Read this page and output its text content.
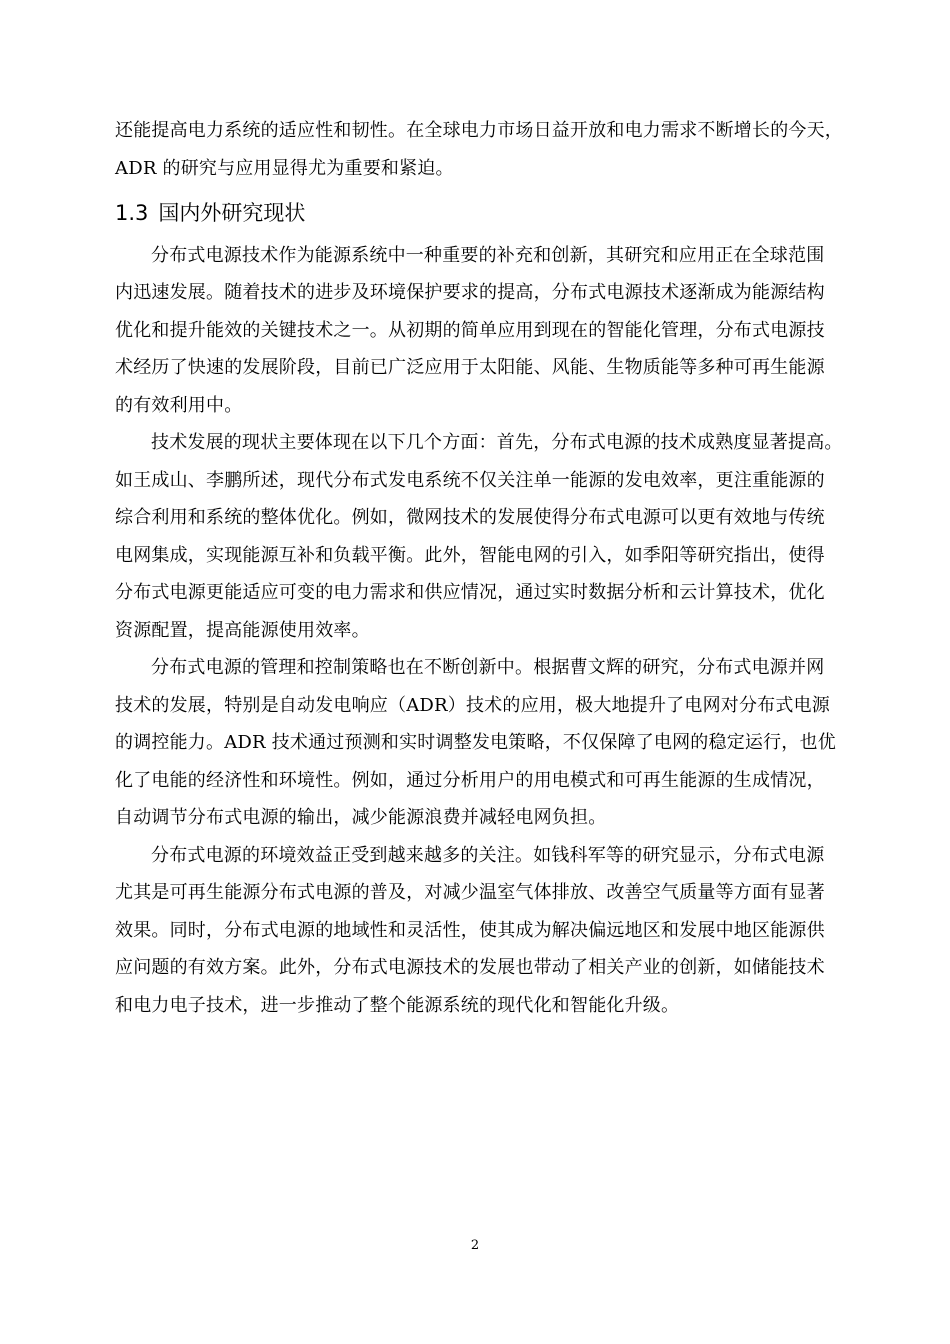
还能提高电力系统的适应性和韧性。在全球电力市场日益开放和电力需求不断增长的今天，
ADR 的研究与应用显得尤为重要和紧迫。
1.3 国内外研究现状
分布式电源技术作为能源系统中一种重要的补充和创新，其研究和应用正在全球范围
内迅速发展。随着技术的进步及环境保护要求的提高，分布式电源技术逐渐成为能源结构
优化和提升能效的关键技术之一。从初期的简单应用到现在的智能化管理，分布式电源技
术经历了快速的发展阶段，目前已广泛应用于太阳能、风能、生物质能等多种可再生能源
的有效利用中。
技术发展的现状主要体现在以下几个方面：首先，分布式电源的技术成熟度显著提高。
如王成山、李鹏所述，现代分布式发电系统不仅关注单一能源的发电效率，更注重能源的
综合利用和系统的整体优化。例如，微网技术的发展使得分布式电源可以更有效地与传统
电网集成，实现能源互补和负载平衡。此外，智能电网的引入，如季阳等研究指出，使得
分布式电源更能适应可变的电力需求和供应情况，通过实时数据分析和云计算技术，优化
资源配置，提高能源使用效率。
分布式电源的管理和控制策略也在不断创新中。根据曹文辉的研究，分布式电源并网
技术的发展，特别是自动发电响应（ADR）技术的应用，极大地提升了电网对分布式电源
的调控能力。ADR 技术通过预测和实时调整发电策略，不仅保障了电网的稳定运行，也优
化了电能的经济性和环境性。例如，通过分析用户的用电模式和可再生能源的生成情况，
自动调节分布式电源的输出，减少能源浪费并减轻电网负担。
分布式电源的环境效益正受到越来越多的关注。如钱科军等的研究显示，分布式电源
尤其是可再生能源分布式电源的普及，对减少温室气体排放、改善空气质量等方面有显著
效果。同时，分布式电源的地域性和灵活性，使其成为解决偏远地区和发展中地区能源供
应问题的有效方案。此外，分布式电源技术的发展也带动了相关产业的创新，如储能技术
和电力电子技术，进一步推动了整个能源系统的现代化和智能化升级。
2
